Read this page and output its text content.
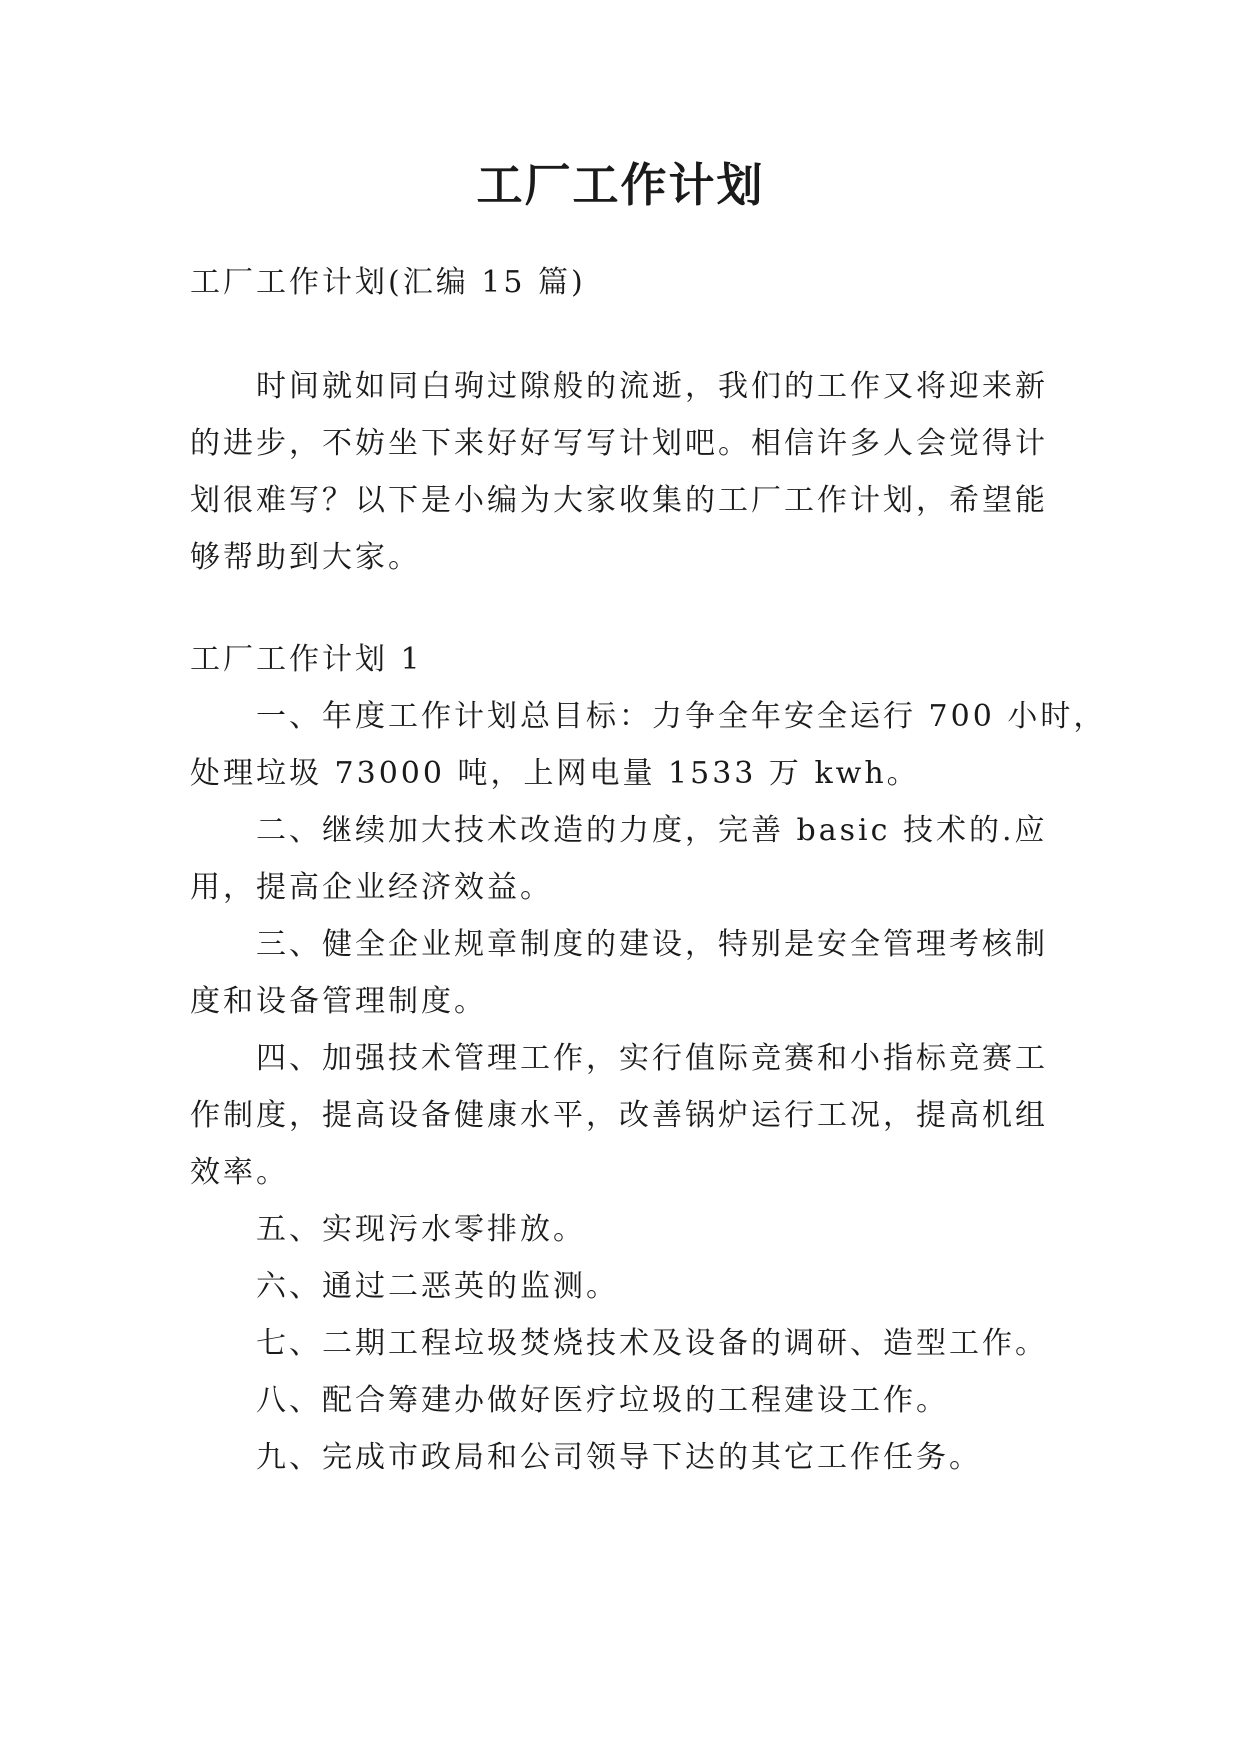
工厂工作计划
工厂工作计划(汇编 15 篇)
时间就如同白驹过隙般的流逝，我们的工作又将迎来新
的进步，不妨坐下来好好写写计划吧。相信许多人会觉得计
划很难写？以下是小编为大家收集的工厂工作计划，希望能
够帮助到大家。
工厂工作计划 1
一、年度工作计划总目标：力争全年安全运行 700 小时，
处理垃圾 73000 吨，上网电量 1533 万 kwh。
二、继续加大技术改造的力度，完善 basic 技术的.应
用，提高企业经济效益。
三、健全企业规章制度的建设，特别是安全管理考核制
度和设备管理制度。
四、加强技术管理工作，实行值际竞赛和小指标竞赛工
作制度，提高设备健康水平，改善锅炉运行工况，提高机组
效率。
五、实现污水零排放。
六、通过二恶英的监测。
七、二期工程垃圾焚烧技术及设备的调研、造型工作。
八、配合筹建办做好医疗垃圾的工程建设工作。
九、完成市政局和公司领导下达的其它工作任务。
